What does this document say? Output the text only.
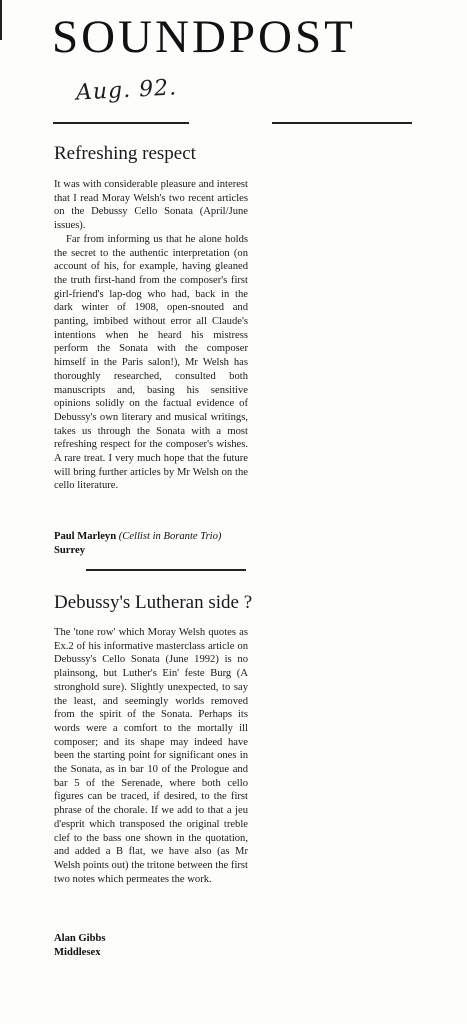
SOUNDPOST
Aug. 92.
Refreshing respect

It was with considerable pleasure and interest that I read Moray Welsh's two recent articles on the Debussy Cello Sonata (April/June issues).

Far from informing us that he alone holds the secret to the authentic interpretation (on account of his, for example, having gleaned the truth first-hand from the composer's first girl-friend's lap-dog who had, back in the dark winter of 1908, open-snouted and panting, imbibed without error all Claude's intentions when he heard his mistress perform the Sonata with the composer himself in the Paris salon!), Mr Welsh has thoroughly researched, consulted both manuscripts and, basing his sensitive opinions solidly on the factual evidence of Debussy's own literary and musical writings, takes us through the Sonata with a most refreshing respect for the composer's wishes. A rare treat. I very much hope that the future will bring further articles by Mr Welsh on the cello literature.

Paul Marleyn (Cellist in Borante Trio)
Surrey
Debussy's Lutheran side ?

The 'tone row' which Moray Welsh quotes as Ex.2 of his informative masterclass article on Debussy's Cello Sonata (June 1992) is no plainsong, but Luther's Ein' feste Burg (A stronghold sure). Slightly unexpected, to say the least, and seemingly worlds removed from the spirit of the Sonata. Perhaps its words were a comfort to the mortally ill composer; and its shape may indeed have been the starting point for significant ones in the Sonata, as in bar 10 of the Prologue and bar 5 of the Serenade, where both cello figures can be traced, if desired, to the first phrase of the chorale. If we add to that a jeu d'esprit which transposed the original treble clef to the bass one shown in the quotation, and added a B flat, we have also (as Mr Welsh points out) the tritone between the first two notes which permeates the work.

Alan Gibbs
Middlesex
